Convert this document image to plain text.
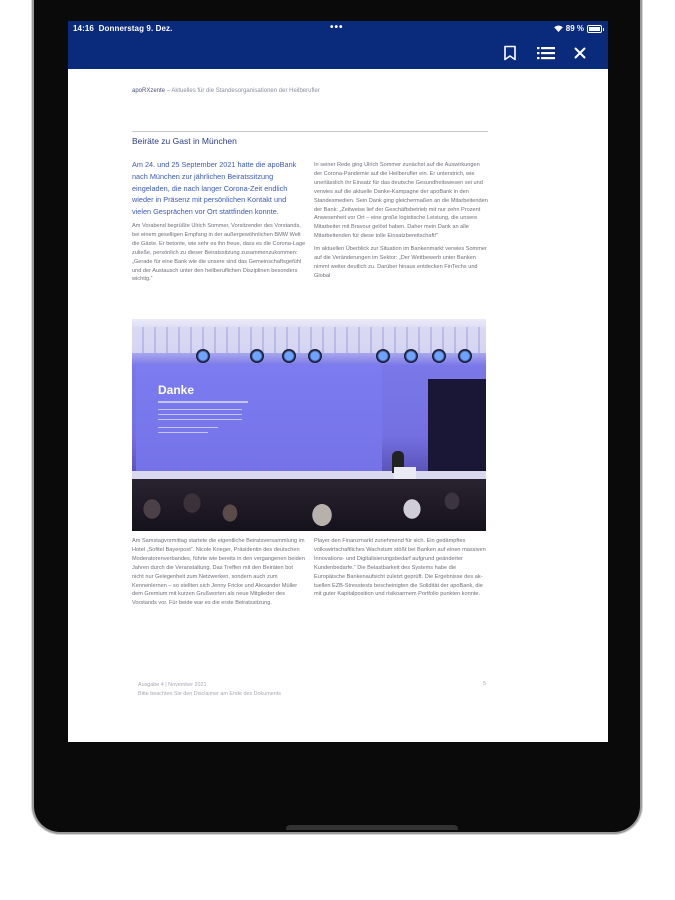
14:16 Donnerstag 9. Dez.	•••	89 %
apoRXzente – Aktuelles für die Standesorganisationen der Heilberufler
Beiräte zu Gast in München

Am 24. und 25 September 2021 hatte die apoBank nach München zur jährlichen Beiratssitzung eingeladen, die nach langer Corona-Zeit endlich wieder in Präsenz mit persönlichen Kontakt und vielen Gesprächen vor Ort stattfinden konnte.

Am Vorabend begrüßte Ulrich Sommer, Vorsitzender des Vorstands, bei einem geselligen Empfang in der außergewöhnlichen BMW Welt die Gäste. Er betonte, wie sehr es ihn freue, dass es die Corona-Lage zuließe, persönlich zu dieser Beiratssitzung zusammenzukommen: „Gerade für eine Bank wie die unsere sind das Gemeinschaftsgefühl und der Austausch unter den heilberuflichen Disziplinen besonders wichtig.“

In seiner Rede ging Ulrich Sommer zunächst auf die Auswirkungen der Corona-Pandemie auf die Heilberufler ein. Er unterstrich, wie unerlässlich ihr Einsatz für das deutsche Gesundheitswesen sei und verwies auf die aktuelle Danke-Kampagne der apoBank in den Standesmedien. Sein Dank ging gleichermaßen an die Mitarbeitenden der Bank: „Zeitweise lief der Geschäftsbetrieb mit nur zehn Prozent Anwesenheit vor Ort – eine große logistische Leistung, die unsere Mitarbeiter mit Bravour gelöst haben. Daher mein Dank an alle Mitarbeitenden für diese tolle Einsatzbereitschaft!“

Im aktuellen Überblick zur Situation im Bankenmarkt verwies Sommer auf die Veränderungen im Sektor: „Der Wettbewerb unter Banken nimmt weiter deutlich zu. Darüber hinaus entdecken FinTechs und Global

Danke

Am Samstagvormittag startete die eigentliche Beiratsversammlung im Hotel „Sofitel Bayerpost“. Nicole Krieger, Präsidentin des deutschen Moderatorenverbandes, führte wie bereits in den vergangenen beiden Jahren durch die Veranstaltung. Das Treffen mit den Beiräten bot nicht nur Gelegenheit zum Netzwerken, sondern auch zum Kennenlernen – so stellten sich Jenny Fricke und Alexander Müller dem Gremium mit kurzen Grußworten als neue Mitglieder des Vorstands vor. Für beide war es die erste Beiratssitzung.

Player den Finanzmarkt zunehmend für sich. Ein gedämpftes volkswirtschaftliches Wachstum stößt bei Banken auf einen massiven Innovations- und Digitalisierungsbedarf aufgrund geänderter Kundenbedarfe.“ Die Belastbarkeit des Systems habe die Europäische Bankenaufsicht zuletzt geprüft. Die Ergebnisse des aktuellen EZB-Stresstests bescheinigten die Solidität der apoBank, die mit guter Kapitalposition und risikoarmem Portfolio punkten konnte.

Ausgabe 4 | November 2021
Bitte beachten Sie den Disclaimer am Ende des Dokuments
5
